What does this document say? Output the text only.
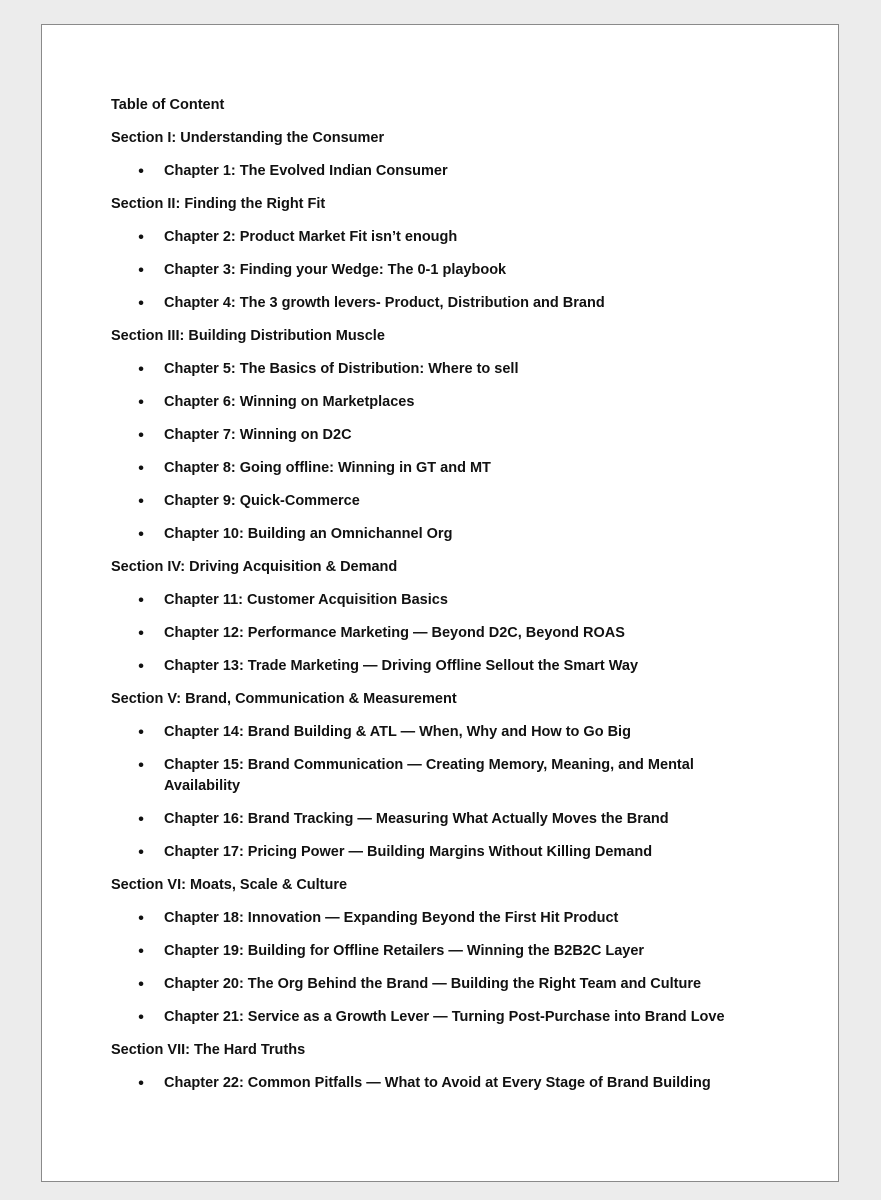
Table of Content

Section I: Understanding the Consumer

• Chapter 1: The Evolved Indian Consumer

Section II: Finding the Right Fit

• Chapter 2: Product Market Fit isn’t enough
• Chapter 3: Finding your Wedge: The 0-1 playbook
• Chapter 4: The 3 growth levers- Product, Distribution and Brand

Section III: Building Distribution Muscle

• Chapter 5: The Basics of Distribution: Where to sell
• Chapter 6: Winning on Marketplaces
• Chapter 7: Winning on D2C
• Chapter 8: Going offline: Winning in GT and MT
• Chapter 9: Quick-Commerce
• Chapter 10: Building an Omnichannel Org

Section IV: Driving Acquisition & Demand

• Chapter 11: Customer Acquisition Basics
• Chapter 12: Performance Marketing — Beyond D2C, Beyond ROAS
• Chapter 13: Trade Marketing — Driving Offline Sellout the Smart Way

Section V: Brand, Communication & Measurement

• Chapter 14: Brand Building & ATL — When, Why and How to Go Big
• Chapter 15: Brand Communication — Creating Memory, Meaning, and Mental Availability
• Chapter 16: Brand Tracking — Measuring What Actually Moves the Brand
• Chapter 17: Pricing Power — Building Margins Without Killing Demand

Section VI: Moats, Scale & Culture

• Chapter 18: Innovation — Expanding Beyond the First Hit Product
• Chapter 19: Building for Offline Retailers — Winning the B2B2C Layer
• Chapter 20: The Org Behind the Brand — Building the Right Team and Culture
• Chapter 21: Service as a Growth Lever — Turning Post-Purchase into Brand Love

Section VII: The Hard Truths

• Chapter 22: Common Pitfalls — What to Avoid at Every Stage of Brand Building
